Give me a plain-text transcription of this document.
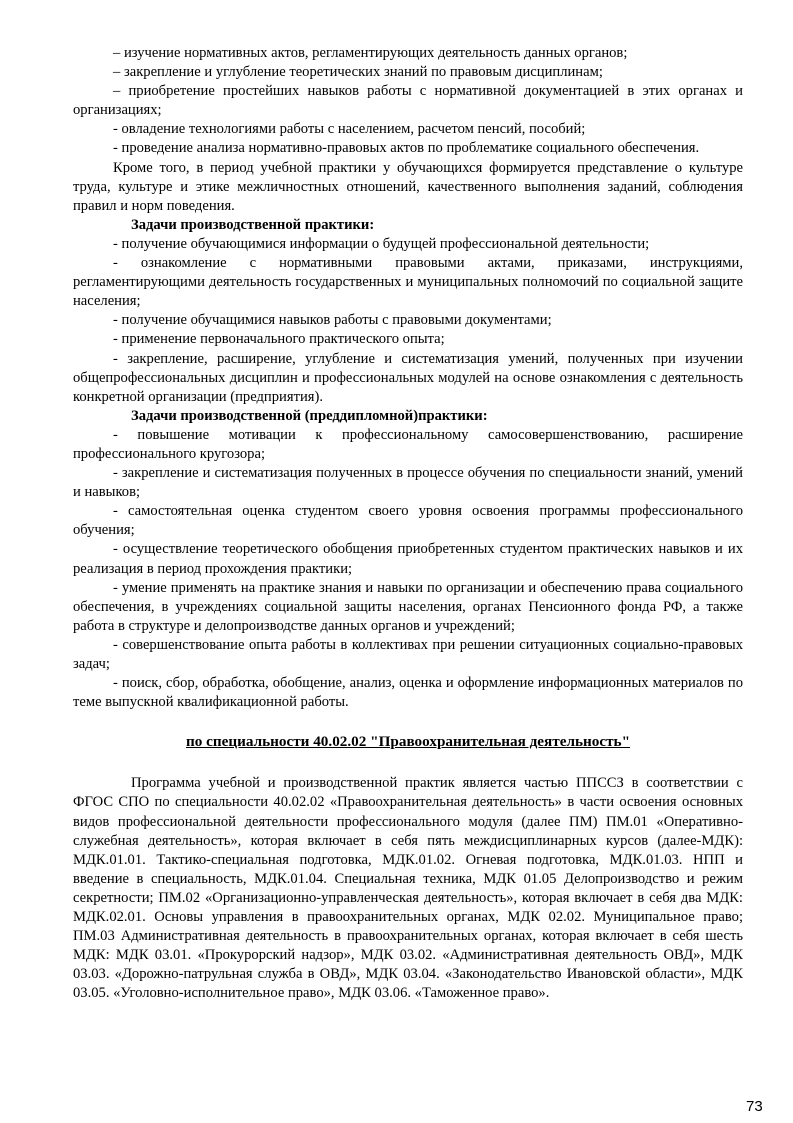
– изучение нормативных актов, регламентирующих деятельность данных органов;

– закрепление и углубление теоретических знаний по правовым дисциплинам;

– приобретение простейших навыков работы с нормативной документацией в этих органах и организациях;

- овладение технологиями работы с населением, расчетом пенсий, пособий;

- проведение анализа нормативно-правовых актов по проблематике социального обеспечения.

Кроме того, в период учебной практики у обучающихся формируется представление о культуре труда, культуре и этике межличностных отношений, качественного выполнения заданий, соблюдения правил и норм поведения.

Задачи производственной практики:

- получение обучающимися информации о будущей профессиональной деятельности;

- ознакомление с нормативными правовыми актами, приказами, инструкциями, регламентирующими деятельность государственных и муниципальных полномочий по социальной защите населения;

- получение обучащимися навыков работы с правовыми документами;

- применение первоначального практического опыта;

- закрепление, расширение, углубление и систематизация умений, полученных при изучении общепрофессиональных дисциплин и профессиональных модулей на основе ознакомления с деятельность конкретной организации (предприятия).

Задачи производственной (преддипломной)практики:

- повышение мотивации к профессиональному самосовершенствованию, расширение профессионального кругозора;

- закрепление и систематизация полученных в процессе обучения по специальности знаний, умений и навыков;

- самостоятельная оценка студентом своего уровня освоения программы профессионального обучения;

- осуществление теоретического обобщения приобретенных студентом практических навыков и их реализация в период прохождения практики;

- умение применять на практике знания и навыки по организации и обеспечению права социального обеспечения, в учреждениях социальной защиты населения, органах Пенсионного фонда РФ, а также работа в структуре и делопроизводстве данных органов и учреждений;

- совершенствование опыта работы в коллективах при решении ситуационных социально-правовых задач;

- поиск, сбор, обработка, обобщение, анализ, оценка и оформление информационных материалов по теме выпускной квалификационной работы.

по специальности 40.02.02 "Правоохранительная деятельность"

Программа учебной и производственной практик является частью ППССЗ в соответствии с ФГОС СПО по специальности 40.02.02 «Правоохранительная деятельность» в части освоения основных видов профессиональной деятельности профессионального модуля (далее ПМ) ПМ.01 «Оперативно-служебная деятельность», которая включает в себя пять междисциплинарных курсов (далее-МДК): МДК.01.01. Тактико-специальная подготовка, МДК.01.02. Огневая подготовка, МДК.01.03. НПП и введение в специальность, МДК.01.04. Специальная техника, МДК 01.05 Делопроизводство и режим секретности; ПМ.02 «Организационно-управленческая деятельность», которая включает в себя два МДК: МДК.02.01. Основы управления в правоохранительных органах, МДК 02.02. Муниципальное право; ПМ.03 Административная деятельность в правоохранительных органах, которая включает в себя шесть МДК: МДК 03.01. «Прокурорский надзор», МДК 03.02. «Административная деятельность ОВД», МДК 03.03. «Дорожно-патрульная служба в ОВД», МДК 03.04. «Законодательство Ивановской области», МДК 03.05. «Уголовно-исполнительное право», МДК 03.06. «Таможенное право».

73
